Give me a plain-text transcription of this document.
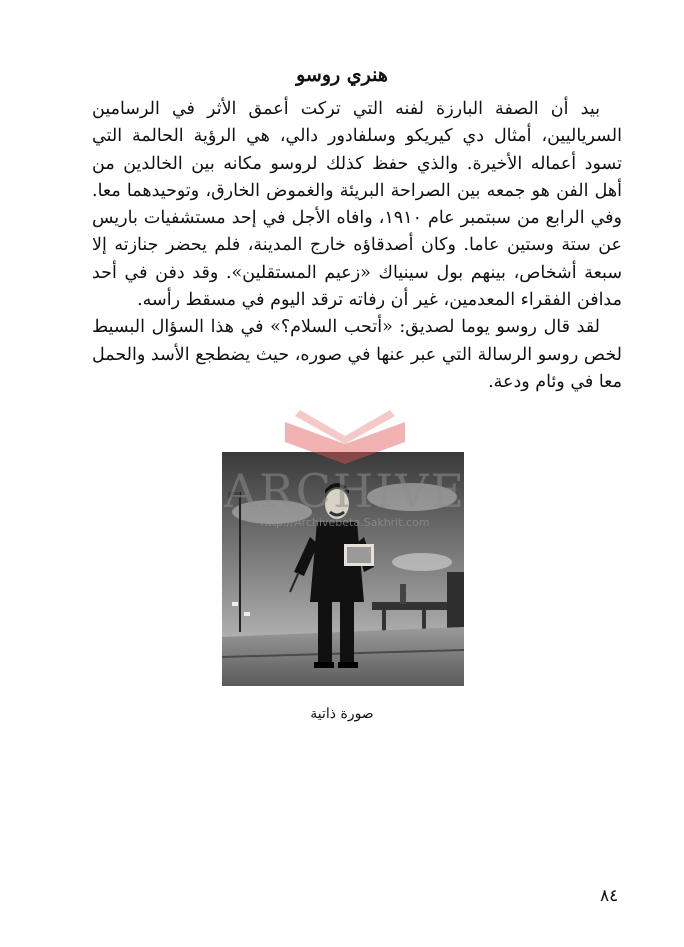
هنري روسو

بيد أن الصفة البارزة لفنه التي تركت أعمق الأثر في الرسامين السرياليين، أمثال دي كيريكو وسلفادور دالي، هي الرؤية الحالمة التي تسود أعماله الأخيرة. والذي حفظ كذلك لروسو مكانه بين الخالدين من أهل الفن هو جمعه بين الصراحة البريئة والغموض الخارق، وتوحيدهما معا. وفي الرابع من سبتمبر عام ١٩١٠، وافاه الأجل في إحد مستشفيات باريس عن ستة وستين عاما. وكان أصدقاؤه خارج المدينة، فلم يحضر جنازته إلا سبعة أشخاص، بينهم بول سينياك «زعيم المستقلين». وقد دفن في أحد مدافن الفقراء المعدمين، غير أن رفاته ترقد اليوم في مسقط رأسه.

لقد قال روسو يوما لصديق: «أتحب السلام؟» في هذا السؤال البسيط لخص روسو الرسالة التي عبر عنها في صوره، حيث يضطجع الأسد والحمل معا في وئام ودعة.

ARCHIVE
http://Archivebeta.Sakhrit.com
صورة ذاتية
٨٤
